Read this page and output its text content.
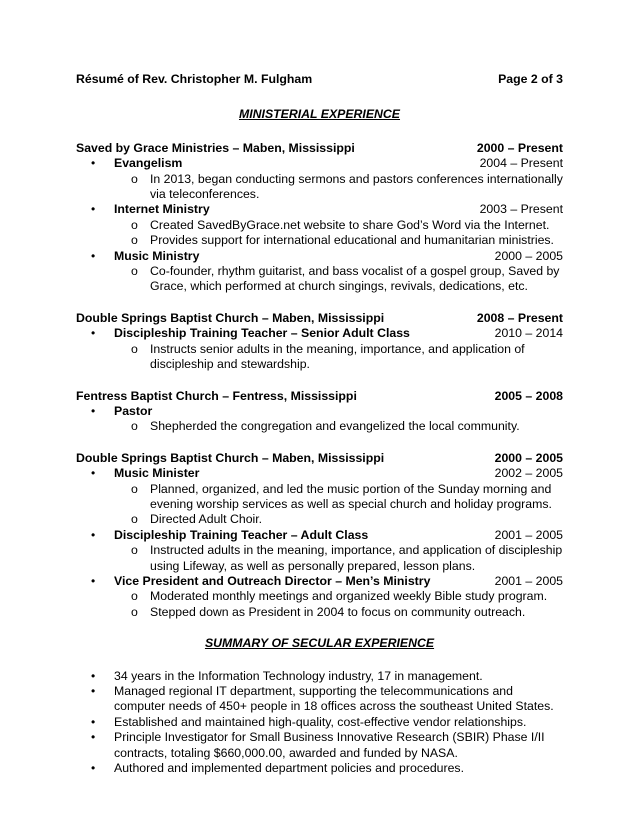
Résumé of Rev. Christopher M. Fulgham	Page 2 of 3
MINISTERIAL EXPERIENCE
Saved by Grace Ministries – Maben, Mississippi	2000 – Present
• Evangelism	2004 – Present
o In 2013, began conducting sermons and pastors conferences internationally via teleconferences.
• Internet Ministry	2003 – Present
o Created SavedByGrace.net website to share God’s Word via the Internet.
o Provides support for international educational and humanitarian ministries.
• Music Ministry	2000 – 2005
o Co-founder, rhythm guitarist, and bass vocalist of a gospel group, Saved by Grace, which performed at church singings, revivals, dedications, etc.
Double Springs Baptist Church – Maben, Mississippi	2008 – Present
• Discipleship Training Teacher – Senior Adult Class	2010 – 2014
o Instructs senior adults in the meaning, importance, and application of discipleship and stewardship.
Fentress Baptist Church – Fentress, Mississippi	2005 – 2008
• Pastor
o Shepherded the congregation and evangelized the local community.
Double Springs Baptist Church – Maben, Mississippi	2000 – 2005
• Music Minister	2002 – 2005
o Planned, organized, and led the music portion of the Sunday morning and evening worship services as well as special church and holiday programs.
o Directed Adult Choir.
• Discipleship Training Teacher – Adult Class	2001 – 2005
o Instructed adults in the meaning, importance, and application of discipleship using Lifeway, as well as personally prepared, lesson plans.
• Vice President and Outreach Director – Men’s Ministry	2001 – 2005
o Moderated monthly meetings and organized weekly Bible study program.
o Stepped down as President in 2004 to focus on community outreach.
SUMMARY OF SECULAR EXPERIENCE
• 34 years in the Information Technology industry, 17 in management.
• Managed regional IT department, supporting the telecommunications and computer needs of 450+ people in 18 offices across the southeast United States.
• Established and maintained high-quality, cost-effective vendor relationships.
• Principle Investigator for Small Business Innovative Research (SBIR) Phase I/II contracts, totaling $660,000.00, awarded and funded by NASA.
• Authored and implemented department policies and procedures.
